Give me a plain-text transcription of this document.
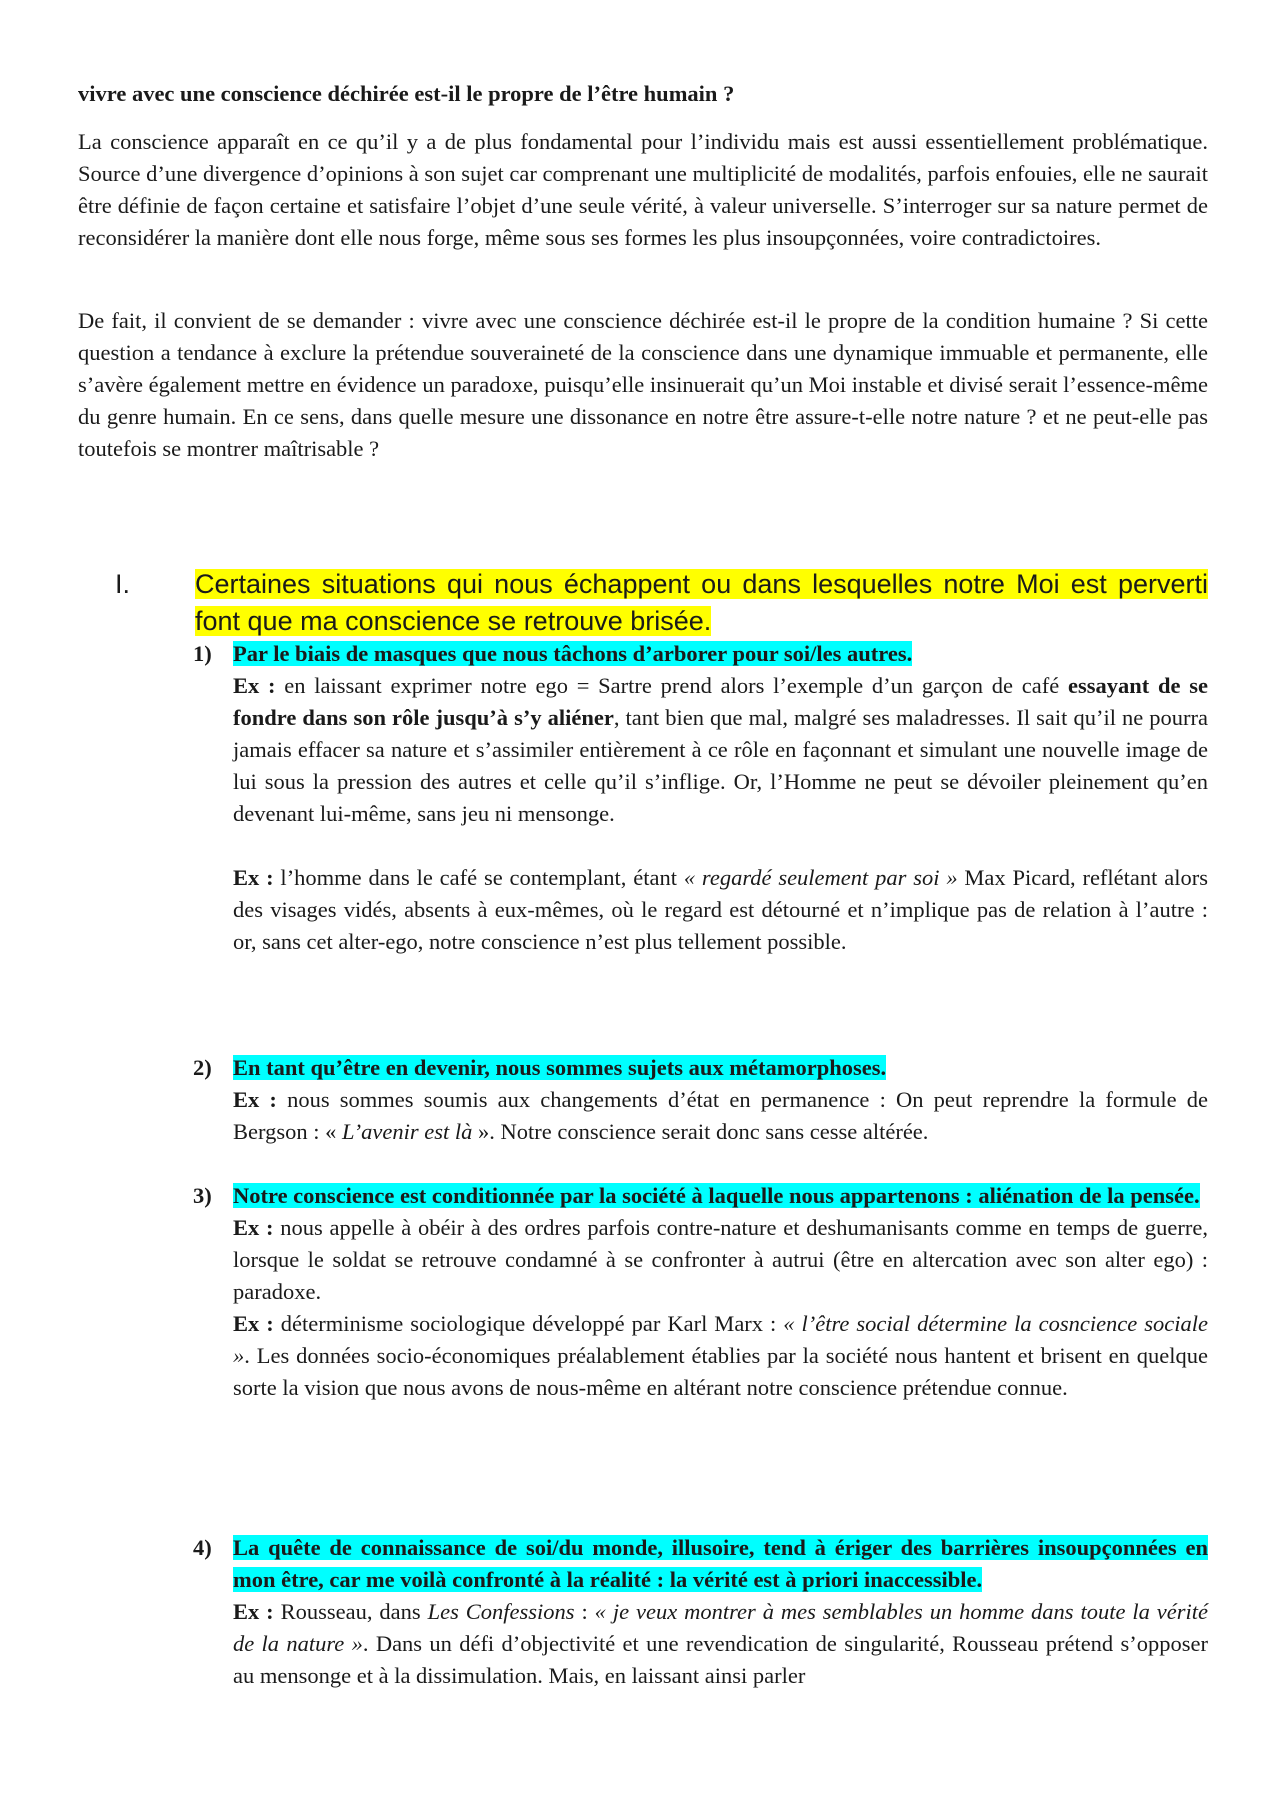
vivre avec une conscience déchirée est-il le propre de l’être humain ?

La conscience apparaît en ce qu’il y a de plus fondamental pour l’individu mais est aussi essentiellement problématique. Source d’une divergence d’opinions à son sujet car comprenant une multiplicité de modalités, parfois enfouies, elle ne saurait être définie de façon certaine et satisfaire l’objet d’une seule vérité, à valeur universelle. S’interroger sur sa nature permet de reconsidérer la manière dont elle nous forge, même sous ses formes les plus insoupçonnées, voire contradictoires.

De fait, il convient de se demander : vivre avec une conscience déchirée est-il le propre de la condition humaine ? Si cette question a tendance à exclure la prétendue souveraineté de la conscience dans une dynamique immuable et permanente, elle s’avère également mettre en évidence un paradoxe, puisqu’elle insinuerait qu’un Moi instable et divisé serait l’essence-même du genre humain. En ce sens, dans quelle mesure une dissonance en notre être assure-t-elle notre nature ? et ne peut-elle pas toutefois se montrer maîtrisable ?

I. Certaines situations qui nous échappent ou dans lesquelles notre Moi est perverti font que ma conscience se retrouve brisée.
1) Par le biais de masques que nous tâchons d’arborer pour soi/les autres.

Ex : en laissant exprimer notre ego = Sartre prend alors l’exemple d’un garçon de café essayant de se fondre dans son rôle jusqu’à s’y aliéner, tant bien que mal, malgré ses maladresses. Il sait qu’il ne pourra jamais effacer sa nature et s’assimiler entièrement à ce rôle en façonnant et simulant une nouvelle image de lui sous la pression des autres et celle qu’il s’inflige. Or, l’Homme ne peut se dévoiler pleinement qu’en devenant lui-même, sans jeu ni mensonge.

Ex : l’homme dans le café se contemplant, étant « regardé seulement par soi » Max Picard, reflétant alors des visages vidés, absents à eux-mêmes, où le regard est détourné et n’implique pas de relation à l’autre : or, sans cet alter-ego, notre conscience n’est plus tellement possible.

2) En tant qu’être en devenir, nous sommes sujets aux métamorphoses.

Ex : nous sommes soumis aux changements d’état en permanence : On peut reprendre la formule de Bergson : « L’avenir est là ». Notre conscience serait donc sans cesse altérée.

3) Notre conscience est conditionnée par la société à laquelle nous appartenons : aliénation de la pensée.

Ex : nous appelle à obéir à des ordres parfois contre-nature et deshumanisants comme en temps de guerre, lorsque le soldat se retrouve condamné à se confronter à autrui (être en altercation avec son alter ego) : paradoxe.

Ex : déterminisme sociologique développé par Karl Marx : « l’être social détermine la cosncience sociale ». Les données socio-économiques préalablement établies par la société nous hantent et brisent en quelque sorte la vision que nous avons de nous-même en altérant notre conscience prétendue connue.

4) La quête de connaissance de soi/du monde, illusoire, tend à ériger des barrières insoupçonnées en mon être, car me voilà confronté à la réalité : la vérité est à priori inaccessible.

Ex : Rousseau, dans Les Confessions : « je veux montrer à mes semblables un homme dans toute la vérité de la nature ». Dans un défi d’objectivité et une revendication de singularité, Rousseau prétend s’opposer au mensonge et à la dissimulation. Mais, en laissant ainsi parler
